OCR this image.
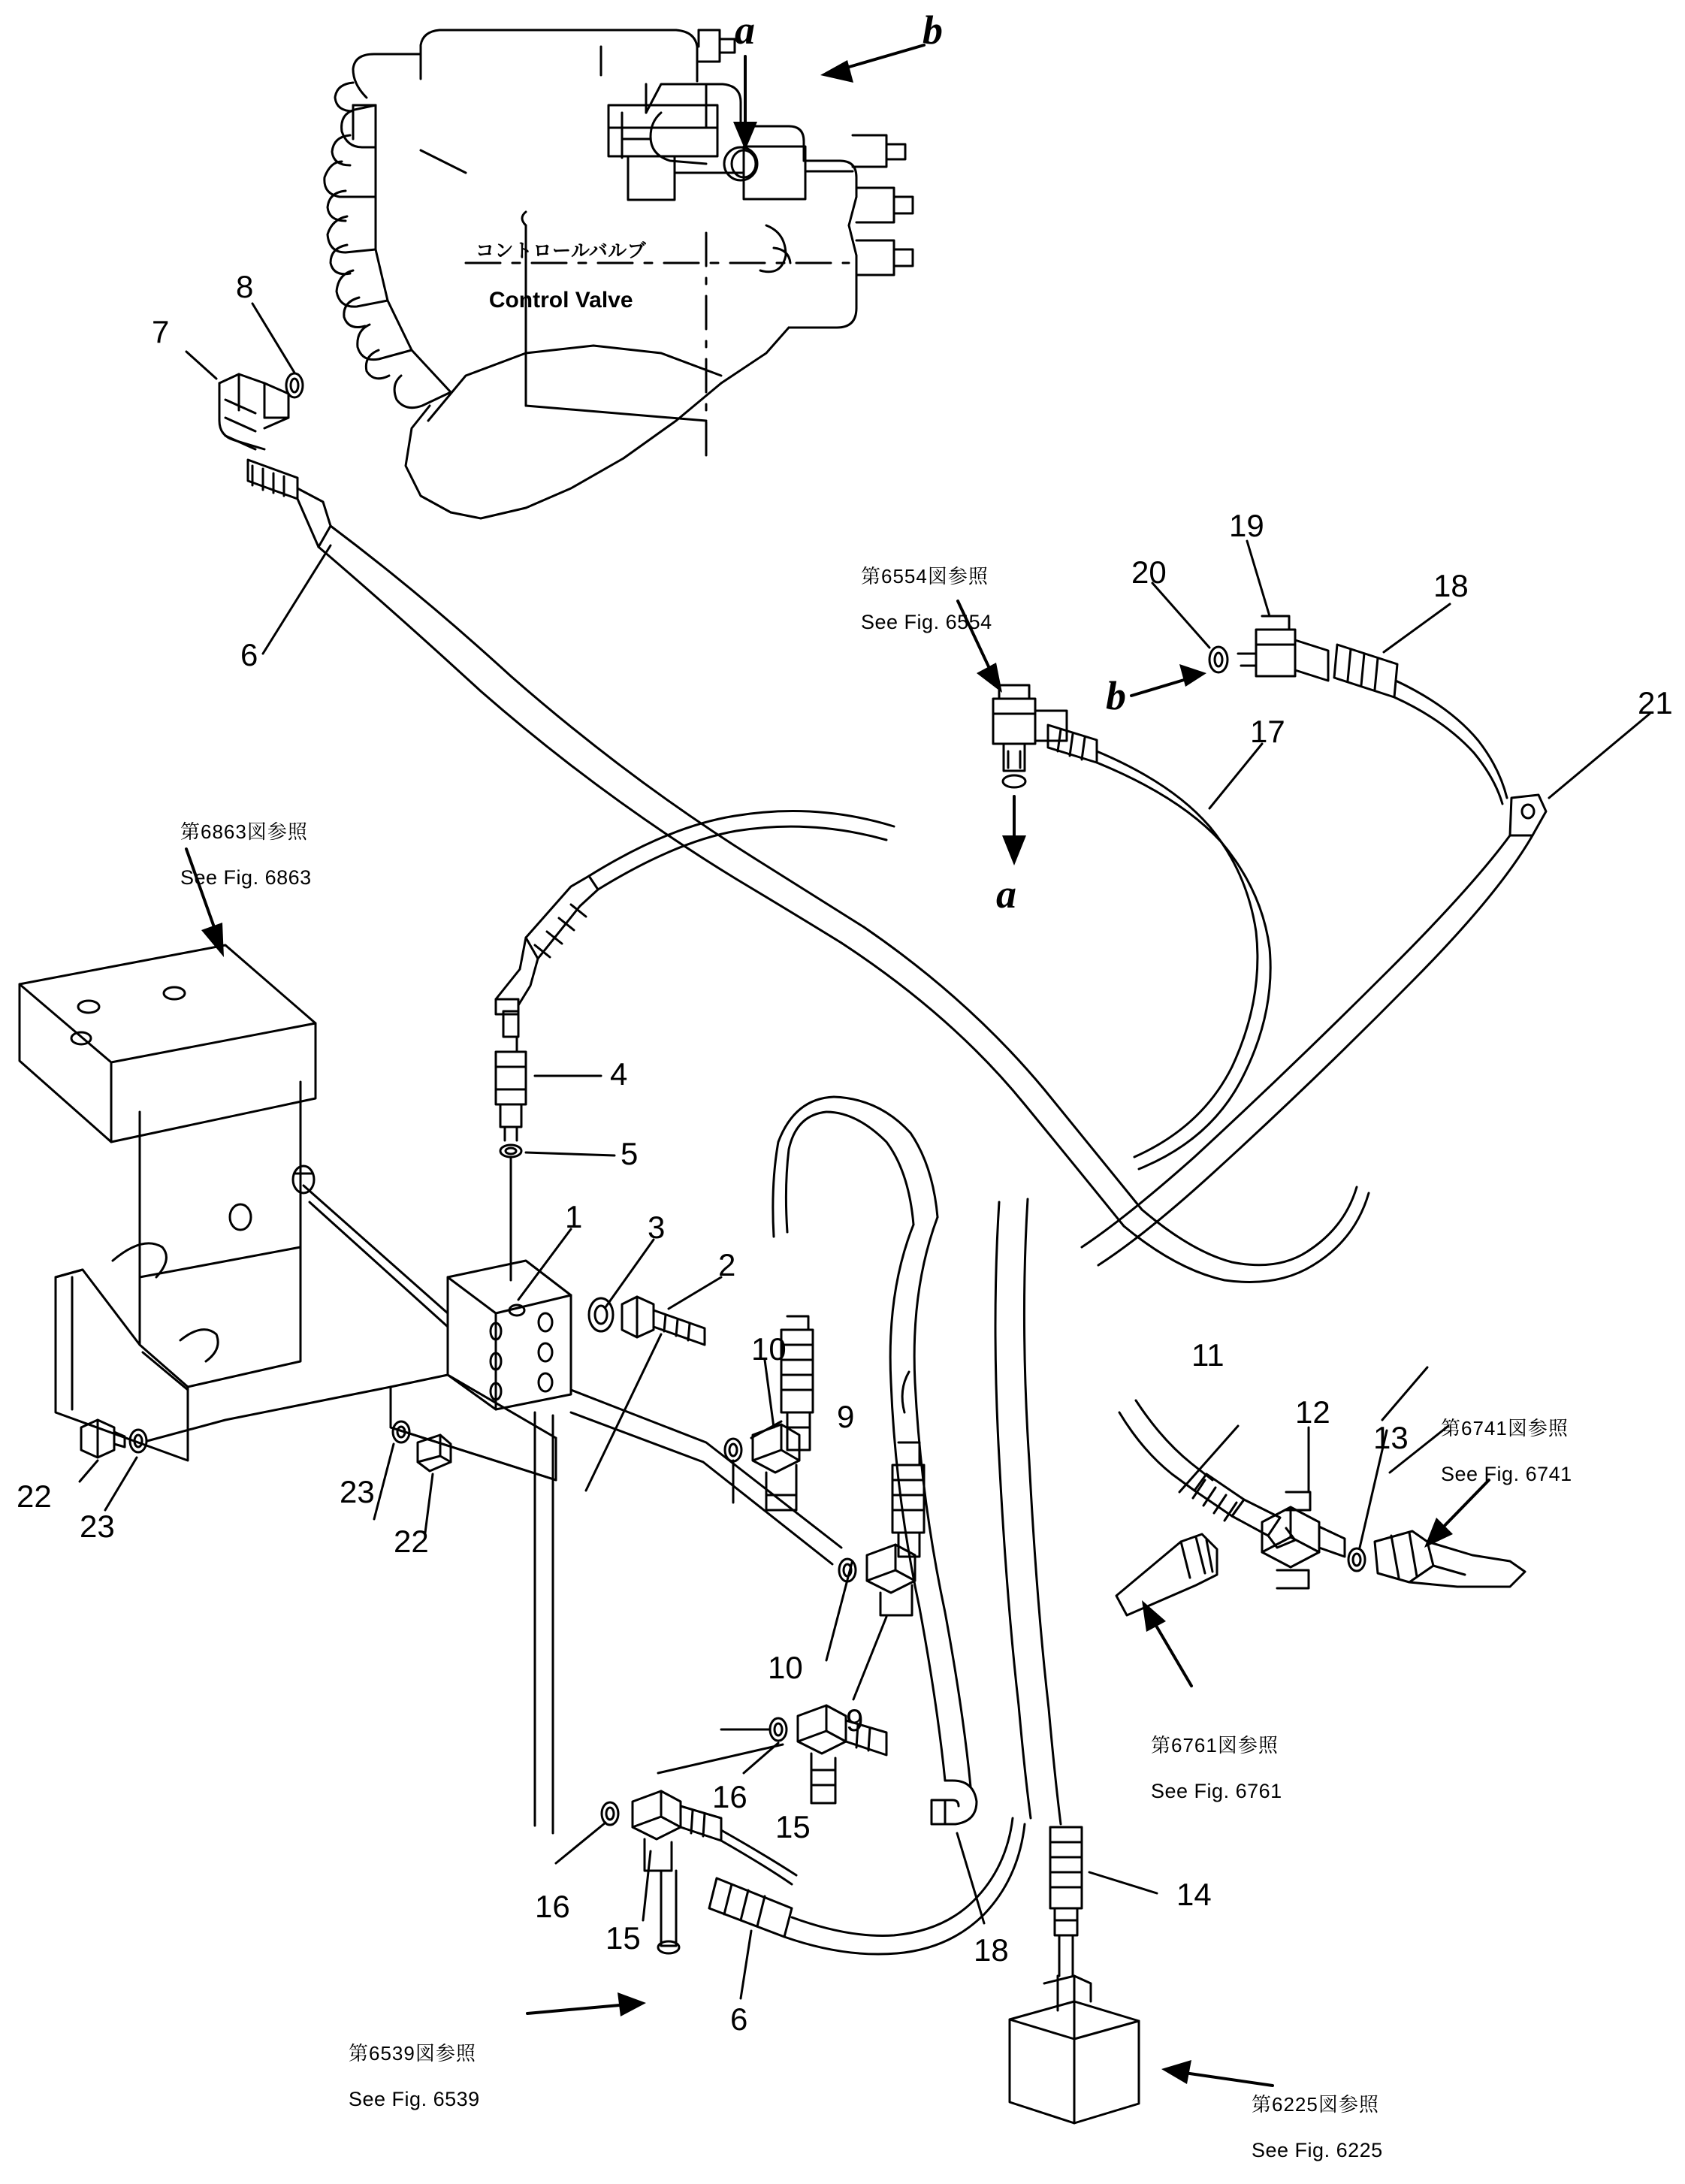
コントロールバルブ

Control Valve

a	b
b
a

第6863図参照

See Fig. 6863

第6554図参照

See Fig. 6554

第6741図参照

See Fig. 6741

第6761図参照

See Fig. 6761

第6539図参照

See Fig. 6539
	第6225図参照

See Fig. 6225

7
8
6
19
20	18
17
21
4
5
1 3
2
10
9
10
9
11
12
13
22
23
23
22
16
15
16
15	18
14
6
